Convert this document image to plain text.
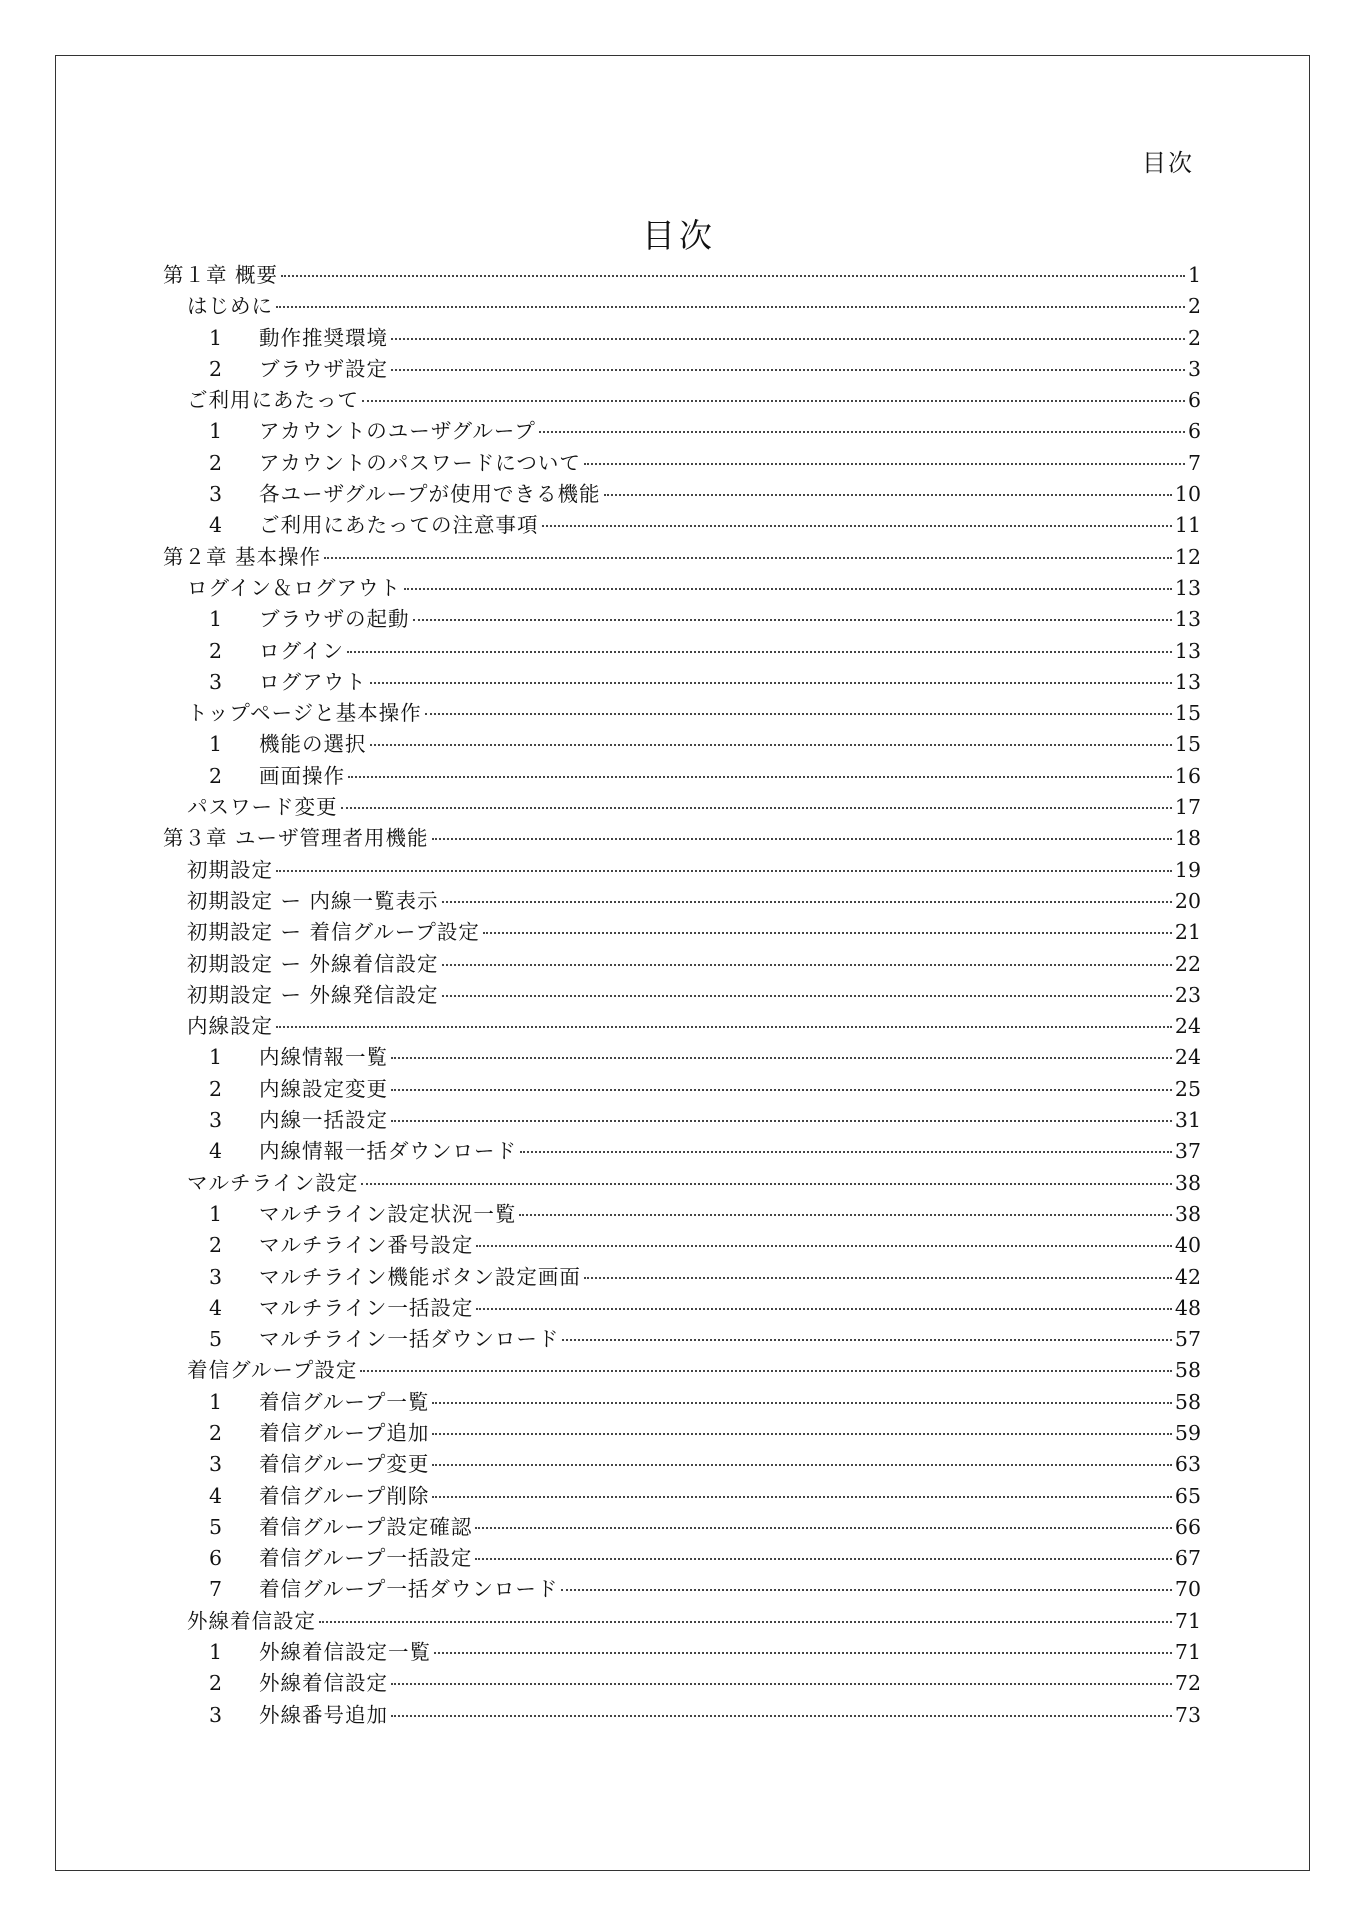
目次
目次
第１章 概要	1
はじめに	2
1	動作推奨環境	2
2	ブラウザ設定	3
ご利用にあたって	6
1	アカウントのユーザグループ	6
2	アカウントのパスワードについて	7
3	各ユーザグループが使用できる機能	10
4	ご利用にあたっての注意事項	11
第２章 基本操作	12
ログイン＆ログアウト	13
1	ブラウザの起動	13
2	ログイン	13
3	ログアウト	13
トップページと基本操作	15
1	機能の選択	15
2	画面操作	16
パスワード変更	17
第３章 ユーザ管理者用機能	18
初期設定	19
初期設定 ー 内線一覧表示	20
初期設定 ー 着信グループ設定	21
初期設定 ー 外線着信設定	22
初期設定 ー 外線発信設定	23
内線設定	24
1	内線情報一覧	24
2	内線設定変更	25
3	内線一括設定	31
4	内線情報一括ダウンロード	37
マルチライン設定	38
1	マルチライン設定状況一覧	38
2	マルチライン番号設定	40
3	マルチライン機能ボタン設定画面	42
4	マルチライン一括設定	48
5	マルチライン一括ダウンロード	57
着信グループ設定	58
1	着信グループ一覧	58
2	着信グループ追加	59
3	着信グループ変更	63
4	着信グループ削除	65
5	着信グループ設定確認	66
6	着信グループ一括設定	67
7	着信グループ一括ダウンロード	70
外線着信設定	71
1	外線着信設定一覧	71
2	外線着信設定	72
3	外線番号追加	73
